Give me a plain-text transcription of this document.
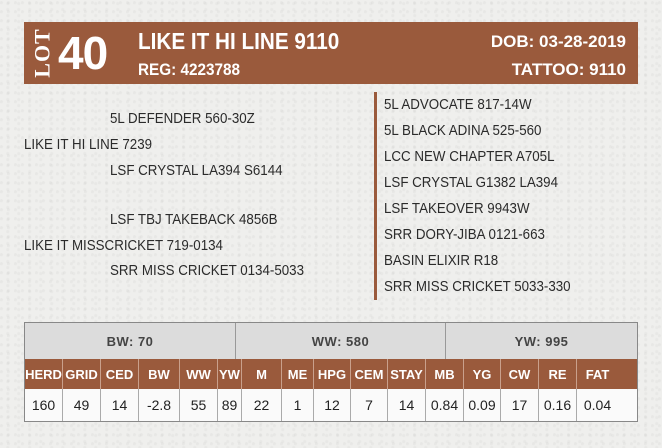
LOT 40 LIKE IT HI LINE 9110
REG: 4223788
DOB: 03-28-2019
TATTOO: 9110
5L DEFENDER 560-30Z
LIKE IT HI LINE 7239
LSF CRYSTAL LA394 S6144
LSF TBJ TAKEBACK 4856B
LIKE IT MISSCRICKET 719-0134
SRR MISS CRICKET 0134-5033
5L ADVOCATE 817-14W
5L BLACK ADINA 525-560
LCC NEW CHAPTER A705L
LSF CRYSTAL G1382 LA394
LSF TAKEOVER 9943W
SRR DORY-JIBA 0121-663
BASIN ELIXIR R18
SRR MISS CRICKET 5033-330
BW: 70	WW: 580	YW: 995
HERD GRID CED	BW	WW YW	M	ME HPG CEM STAY MB	YG	CW	RE	FAT
160	49	14	-2.8	55	89	22	1	12	7	14	0.84 0.09	17	0.16 0.04
